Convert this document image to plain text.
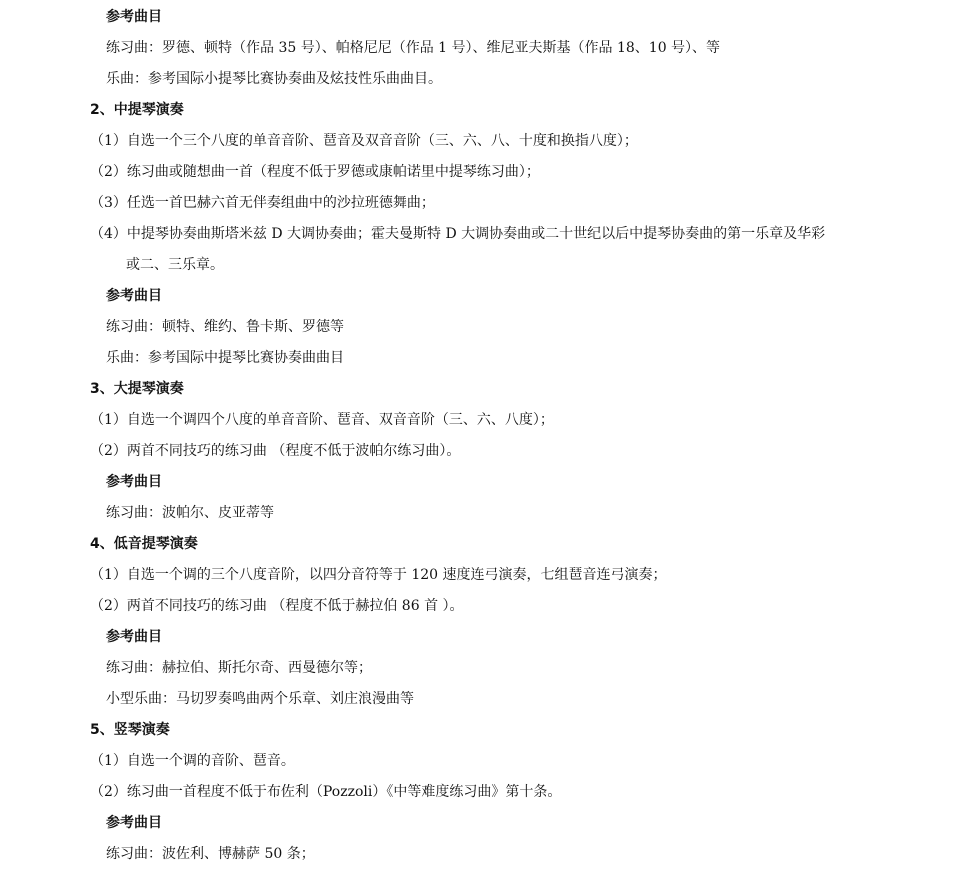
参考曲目
练习曲：罗德、顿特（作品 35 号）、帕格尼尼（作品 1 号）、维尼亚夫斯基（作品 18、10 号）、等
乐曲：参考国际小提琴比赛协奏曲及炫技性乐曲曲目。
2、中提琴演奏
（1）自选一个三个八度的单音音阶、琶音及双音音阶（三、六、八、十度和换指八度）；
（2）练习曲或随想曲一首（程度不低于罗德或康帕诺里中提琴练习曲）；
（3）任选一首巴赫六首无伴奏组曲中的沙拉班德舞曲；
（4）中提琴协奏曲斯塔米兹 D 大调协奏曲；霍夫曼斯特 D 大调协奏曲或二十世纪以后中提琴协奏曲的第一乐章及华彩
或二、三乐章。
参考曲目
练习曲：顿特、维约、鲁卡斯、罗德等
乐曲：参考国际中提琴比赛协奏曲曲目
3、大提琴演奏
（1）自选一个调四个八度的单音音阶、琶音、双音音阶（三、六、八度）；
（2）两首不同技巧的练习曲 （程度不低于波帕尔练习曲）。
参考曲目
练习曲：波帕尔、皮亚蒂等
4、低音提琴演奏
（1）自选一个调的三个八度音阶，以四分音符等于 120 速度连弓演奏，七组琶音连弓演奏；
（2）两首不同技巧的练习曲 （程度不低于赫拉伯 86 首 ）。
参考曲目
练习曲：赫拉伯、斯托尔奇、西曼德尔等；
小型乐曲：马切罗奏鸣曲两个乐章、刘庄浪漫曲等
5、竖琴演奏
（1）自选一个调的音阶、琶音。
（2）练习曲一首程度不低于布佐利（Pozzoli）《中等难度练习曲》第十条。
参考曲目
练习曲：波佐利、博赫萨 50 条；
